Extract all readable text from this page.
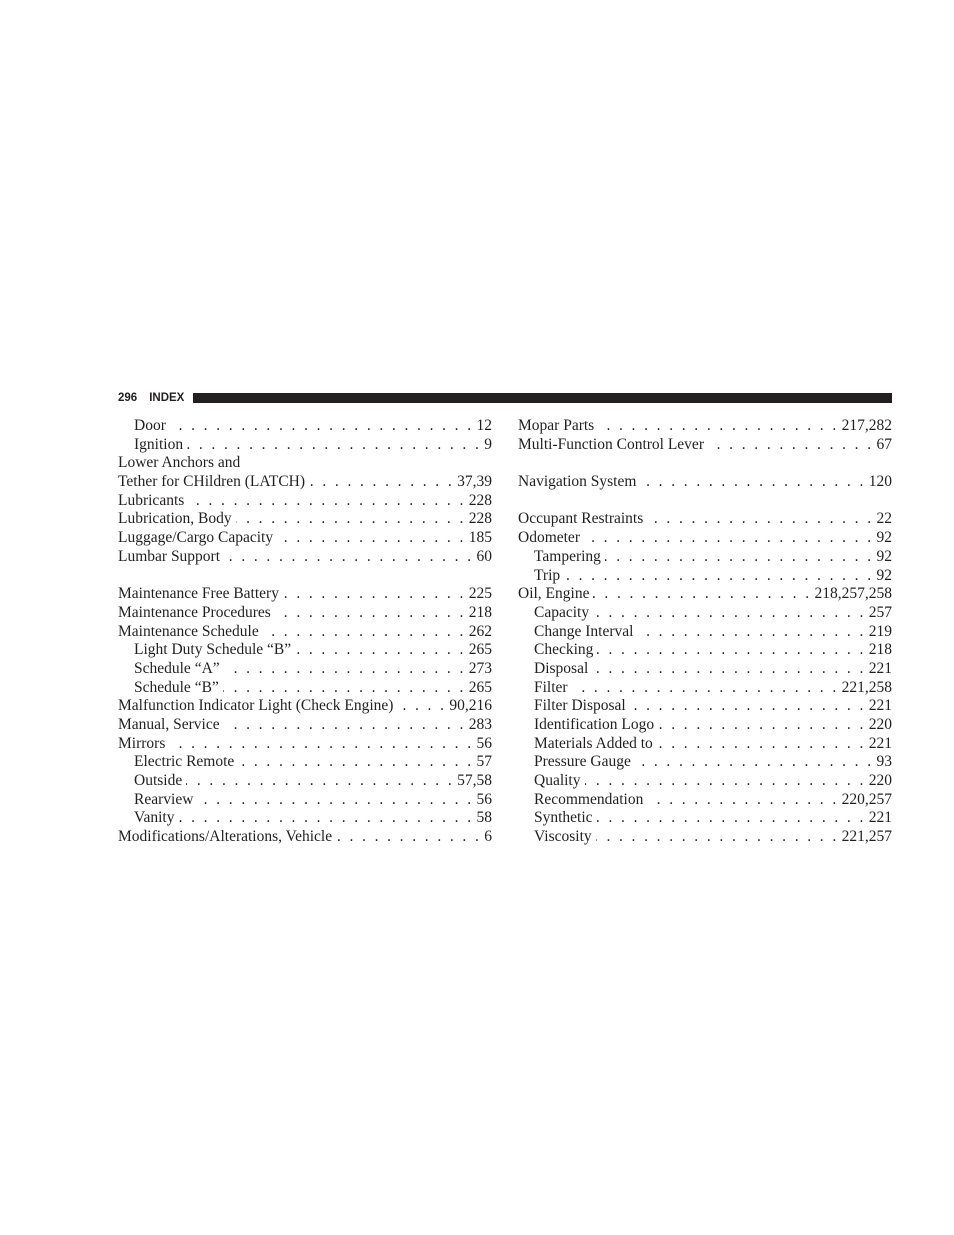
296 INDEX
Door . . .	12
Ignition . . .	9
Lower Anchors and
Tether for CHildren (LATCH) . . .	37,39
Lubricants . . .	228
Lubrication, Body . . .	228
Luggage/Cargo Capacity . . .	185
Lumbar Support . . .	60
Maintenance Free Battery . . .	225
Maintenance Procedures . . .	218
Maintenance Schedule . . .	262
Light Duty Schedule “B” . . .	265
Schedule “A” . . .	273
Schedule “B” . . .	265
Malfunction Indicator Light (Check Engine) . . .	90,216
Manual, Service . . .	283
Mirrors . . .	56
Electric Remote . . .	57
Outside . . .	57,58
Rearview . . .	56
Vanity . . .	58
Modifications/Alterations, Vehicle . . .	6
Mopar Parts . . .	217,282
Multi-Function Control Lever . . .	67
Navigation System . . .	120
Occupant Restraints . . .	22
Odometer . . .	92
Tampering . . .	92
Trip . . .	92
Oil, Engine . . .	218,257,258
Capacity . . .	257
Change Interval . . .	219
Checking . . .	218
Disposal . . .	221
Filter . . .	221,258
Filter Disposal . . .	221
Identification Logo . . .	220
Materials Added to . . .	221
Pressure Gauge . . .	93
Quality . . .	220
Recommendation . . .	220,257
Synthetic . . .	221
Viscosity . . .	221,257
